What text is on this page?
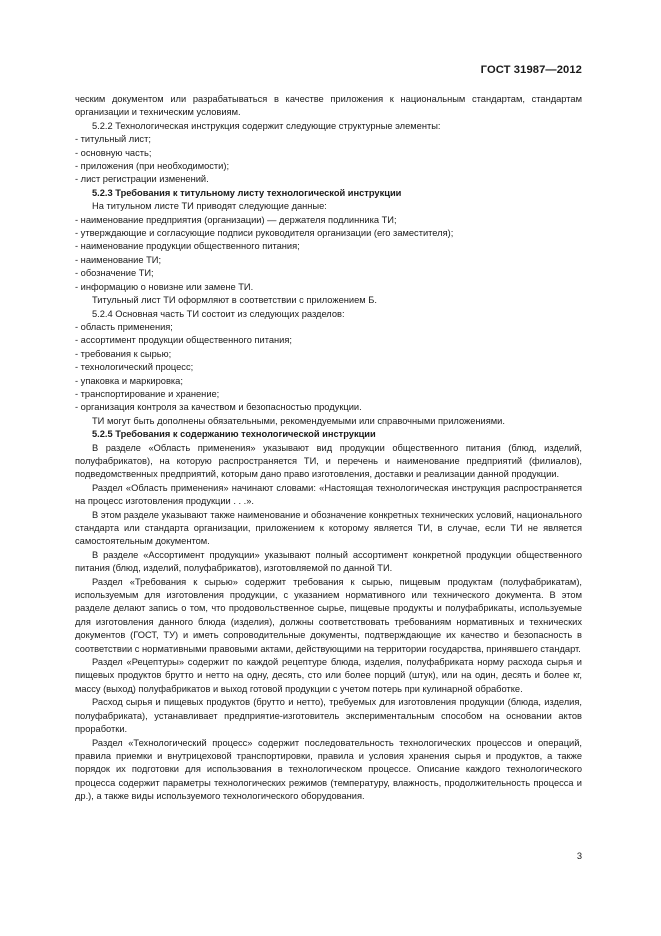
ГОСТ 31987—2012
ческим документом или разрабатываться в качестве приложения к национальным стандартам, стандартам организации и техническим условиям.
5.2.2 Технологическая инструкция содержит следующие структурные элементы:
- титульный лист;
- основную часть;
- приложения (при необходимости);
- лист регистрации изменений.
5.2.3 Требования к титульному листу технологической инструкции
На титульном листе ТИ приводят следующие данные:
- наименование предприятия (организации) — держателя подлинника ТИ;
- утверждающие и согласующие подписи руководителя организации (его заместителя);
- наименование продукции общественного питания;
- наименование ТИ;
- обозначение ТИ;
- информацию о новизне или замене ТИ.
Титульный лист ТИ оформляют в соответствии с приложением Б.
5.2.4 Основная часть ТИ состоит из следующих разделов:
- область применения;
- ассортимент продукции общественного питания;
- требования к сырью;
- технологический процесс;
- упаковка и маркировка;
- транспортирование и хранение;
- организация контроля за качеством и безопасностью продукции.
ТИ могут быть дополнены обязательными, рекомендуемыми или справочными приложениями.
5.2.5 Требования к содержанию технологической инструкции
В разделе «Область применения» указывают вид продукции общественного питания (блюд, изделий, полуфабрикатов), на которую распространяется ТИ, и перечень и наименование предприятий (филиалов), подведомственных предприятий, которым дано право изготовления, доставки и реализации данной продукции.
Раздел «Область применения» начинают словами: «Настоящая технологическая инструкция распространяется на процесс изготовления продукции . . .».
В этом разделе указывают также наименование и обозначение конкретных технических условий, национального стандарта или стандарта организации, приложением к которому является ТИ, в случае, если ТИ не является самостоятельным документом.
В разделе «Ассортимент продукции» указывают полный ассортимент конкретной продукции общественного питания (блюд, изделий, полуфабрикатов), изготовляемой по данной ТИ.
Раздел «Требования к сырью» содержит требования к сырью, пищевым продуктам (полуфабрикатам), используемым для изготовления продукции, с указанием нормативного или технического документа. В этом разделе делают запись о том, что продовольственное сырье, пищевые продукты и полуфабрикаты, используемые для изготовления данного блюда (изделия), должны соответствовать требованиям нормативных и технических документов (ГОСТ, ТУ) и иметь сопроводительные документы, подтверждающие их качество и безопасность в соответствии с нормативными правовыми актами, действующими на территории государства, принявшего стандарт.
Раздел «Рецептуры» содержит по каждой рецептуре блюда, изделия, полуфабриката норму расхода сырья и пищевых продуктов брутто и нетто на одну, десять, сто или более порций (штук), или на один, десять и более кг, массу (выход) полуфабрикатов и выход готовой продукции с учетом потерь при кулинарной обработке.
Расход сырья и пищевых продуктов (брутто и нетто), требуемых для изготовления продукции (блюда, изделия, полуфабриката), устанавливает предприятие-изготовитель экспериментальным способом на основании актов проработки.
Раздел «Технологический процесс» содержит последовательность технологических процессов и операций, правила приемки и внутрицеховой транспортировки, правила и условия хранения сырья и продуктов, а также порядок их подготовки для использования в технологическом процессе. Описание каждого технологического процесса содержит параметры технологических режимов (температуру, влажность, продолжительность процесса и др.), а также виды используемого технологического оборудования.
3
